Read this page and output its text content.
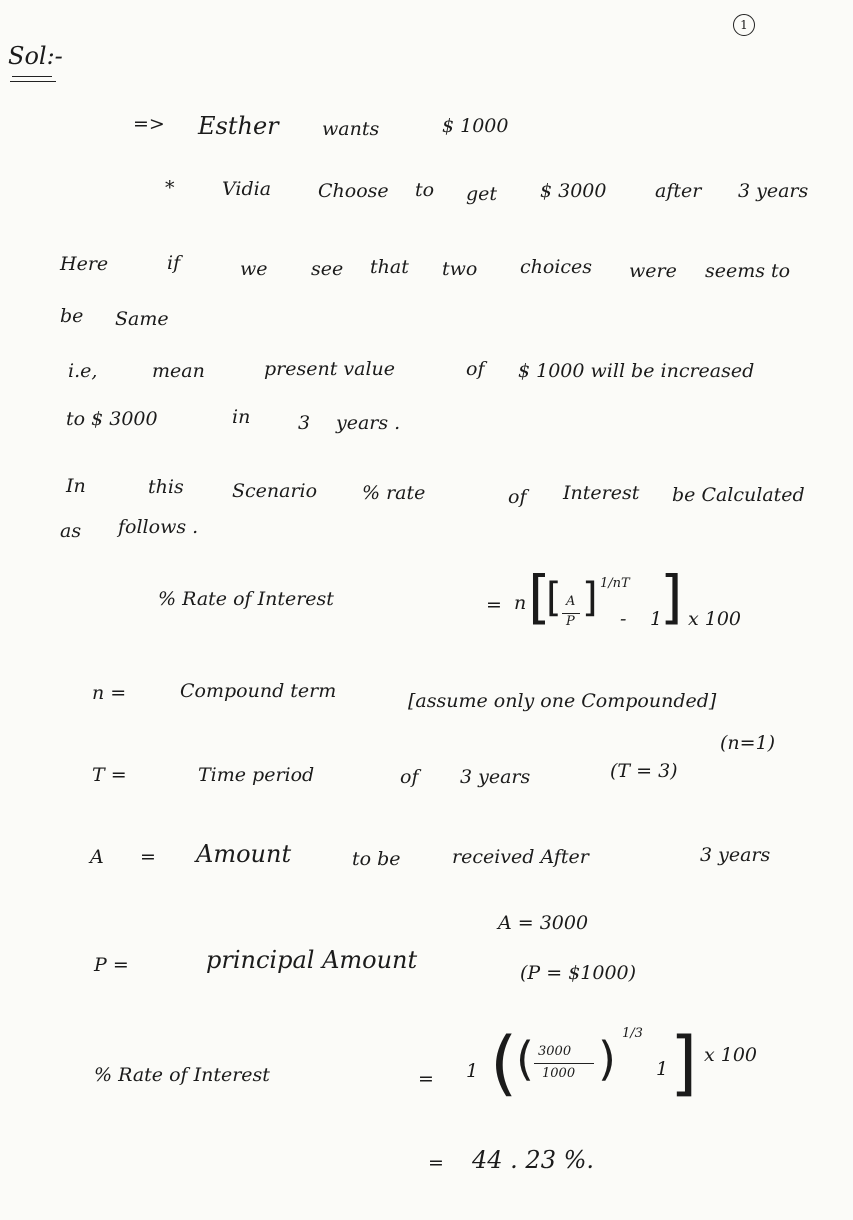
1
Sol:-
=> Esther wants	$ 1000
*	Vidia Choose to get $ 3000	after 3 years
Here	if	we see that two choices were seems to
be Same
i.e,	mean	present value	of $ 1000 will be increased
to $ 3000	in	3 years .
In	this	Scenario % rate	of Interest be Calculated
as follows .
% Rate of Interest	= n [
[ A
P
] 1/nT
- 1
] x 100
n =	Compound term	[assume only one Compounded]
(n=1)
T =	Time period	of 3 years	(T = 3)
A = Amount	to be	received After	3 years
A = 3000
P =	principal Amount	(P = $1000)
% Rate of Interest	= 1 (
( 3000
1000 ) 1/3
1 ] x 100
= 44 . 23 %.
